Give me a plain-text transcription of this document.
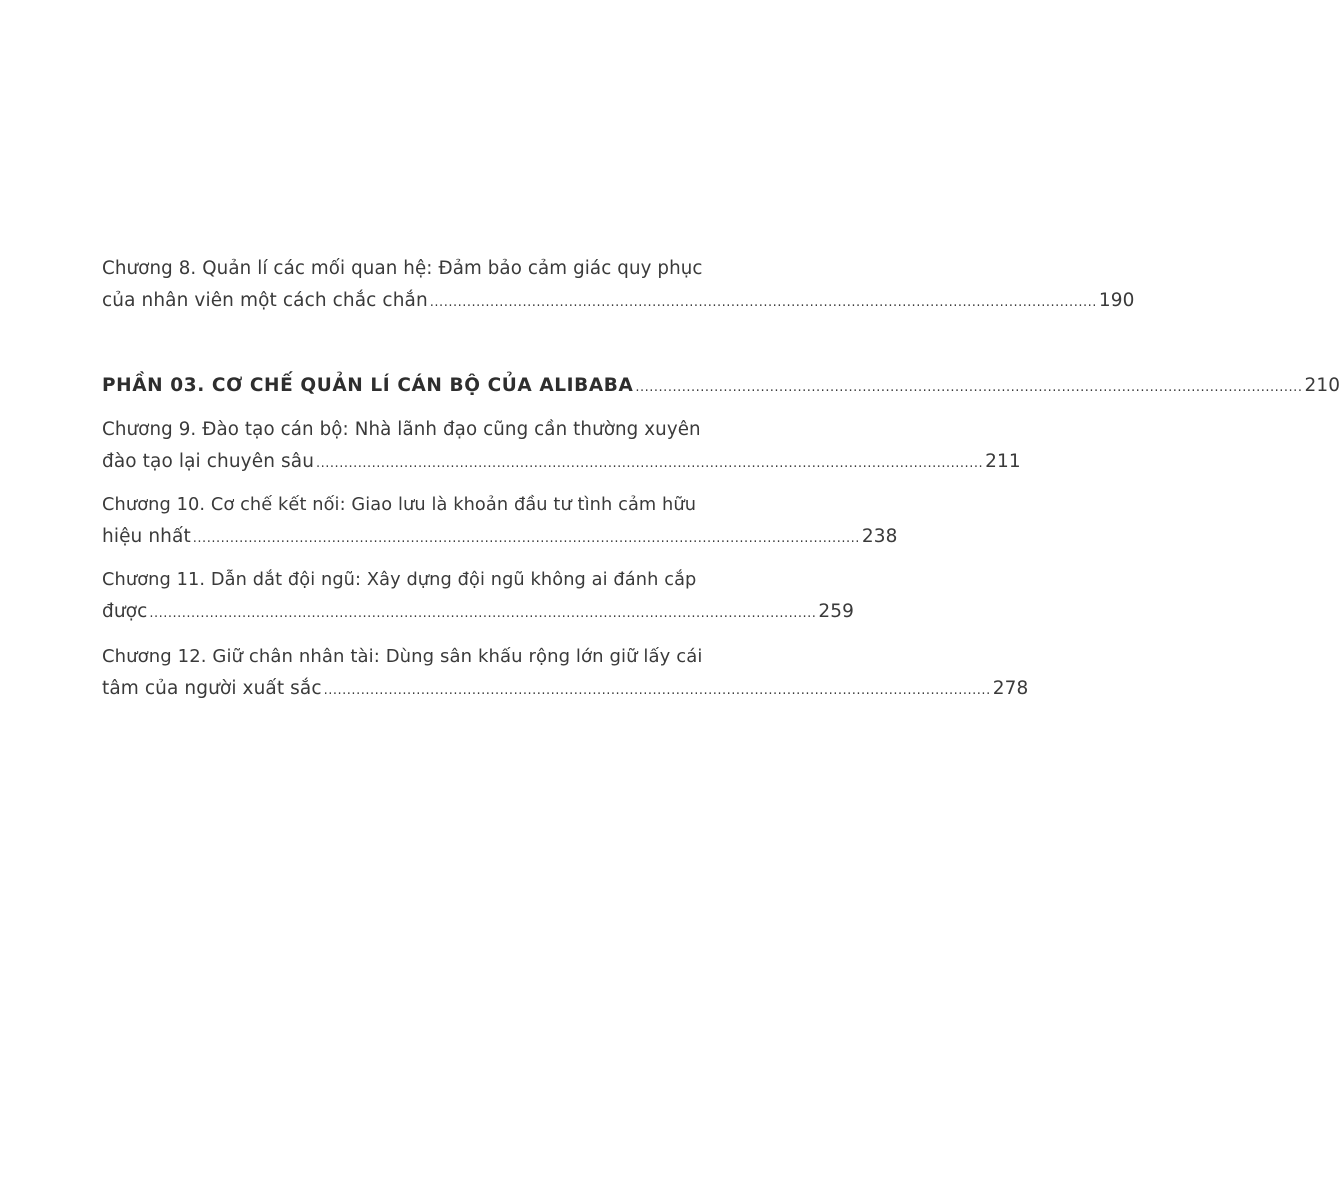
Chương 8. Quản lí các mối quan hệ: Đảm bảo cảm giác quy phục
của nhân viên một cách chắc chắn ................................................................................................................................................ 190
PHẦN 03. CƠ CHẾ QUẢN LÍ CÁN BỘ CỦA ALIBABA ................................................................................................................................................ 210
Chương 9. Đào tạo cán bộ: Nhà lãnh đạo cũng cần thường xuyên
đào tạo lại chuyên sâu ................................................................................................................................................ 211
Chương 10. Cơ chế kết nối: Giao lưu là khoản đầu tư tình cảm hữu
hiệu nhất ................................................................................................................................................ 238
Chương 11. Dẫn dắt đội ngũ: Xây dựng đội ngũ không ai đánh cắp
được ................................................................................................................................................ 259
Chương 12. Giữ chân nhân tài: Dùng sân khấu rộng lớn giữ lấy cái
tâm của người xuất sắc ................................................................................................................................................ 278
